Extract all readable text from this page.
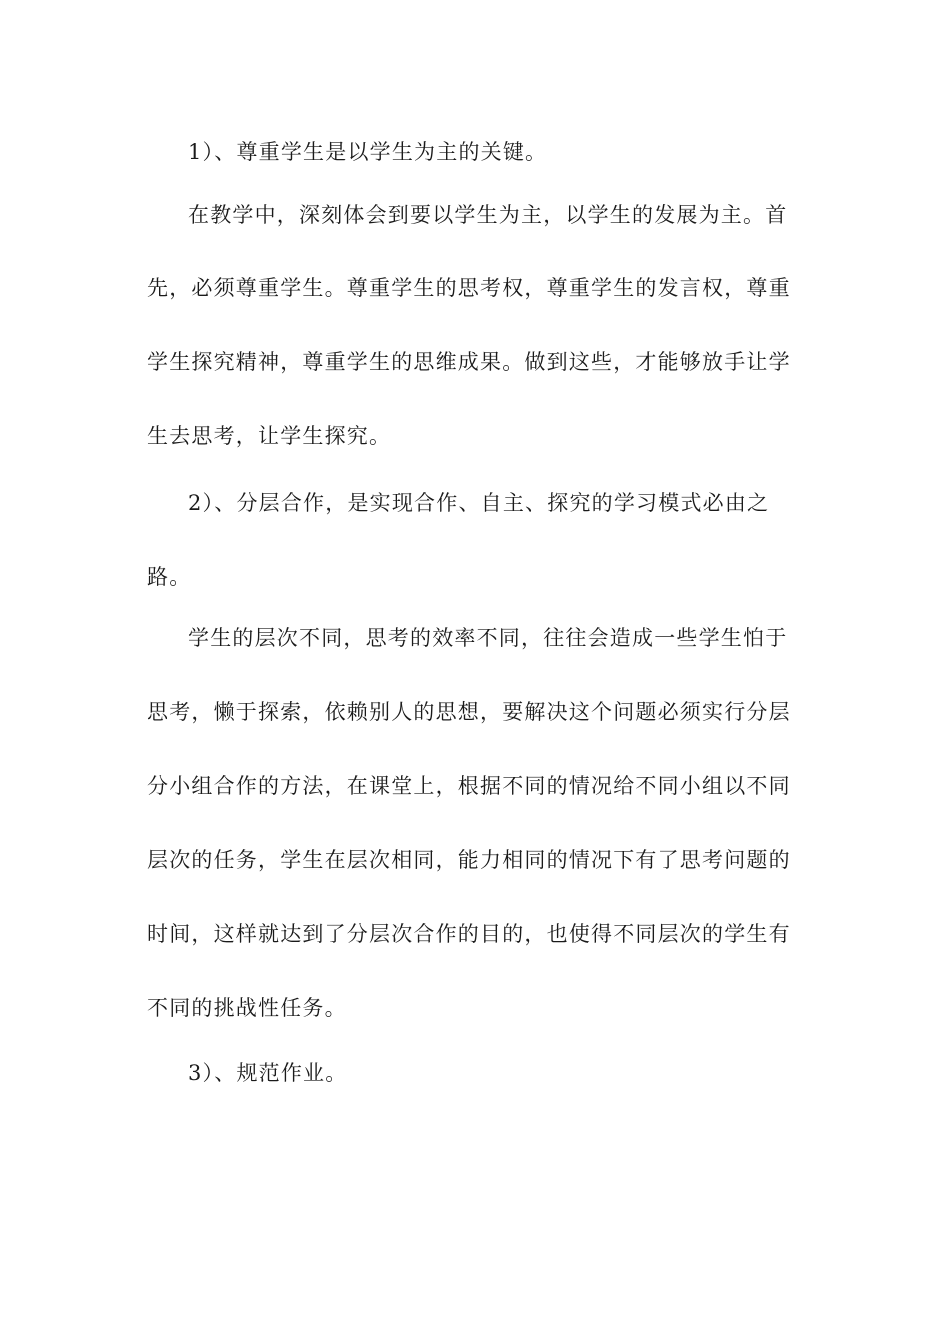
1）、尊重学生是以学生为主的关键。
在教学中，深刻体会到要以学生为主，以学生的发展为主。首
先，必须尊重学生。尊重学生的思考权，尊重学生的发言权，尊重
学生探究精神，尊重学生的思维成果。做到这些，才能够放手让学
生去思考，让学生探究。
2）、分层合作，是实现合作、自主、探究的学习模式必由之
路。
学生的层次不同，思考的效率不同，往往会造成一些学生怕于
思考，懒于探索，依赖别人的思想，要解决这个问题必须实行分层
分小组合作的方法，在课堂上，根据不同的情况给不同小组以不同
层次的任务，学生在层次相同，能力相同的情况下有了思考问题的
时间，这样就达到了分层次合作的目的，也使得不同层次的学生有
不同的挑战性任务。
3）、规范作业。
